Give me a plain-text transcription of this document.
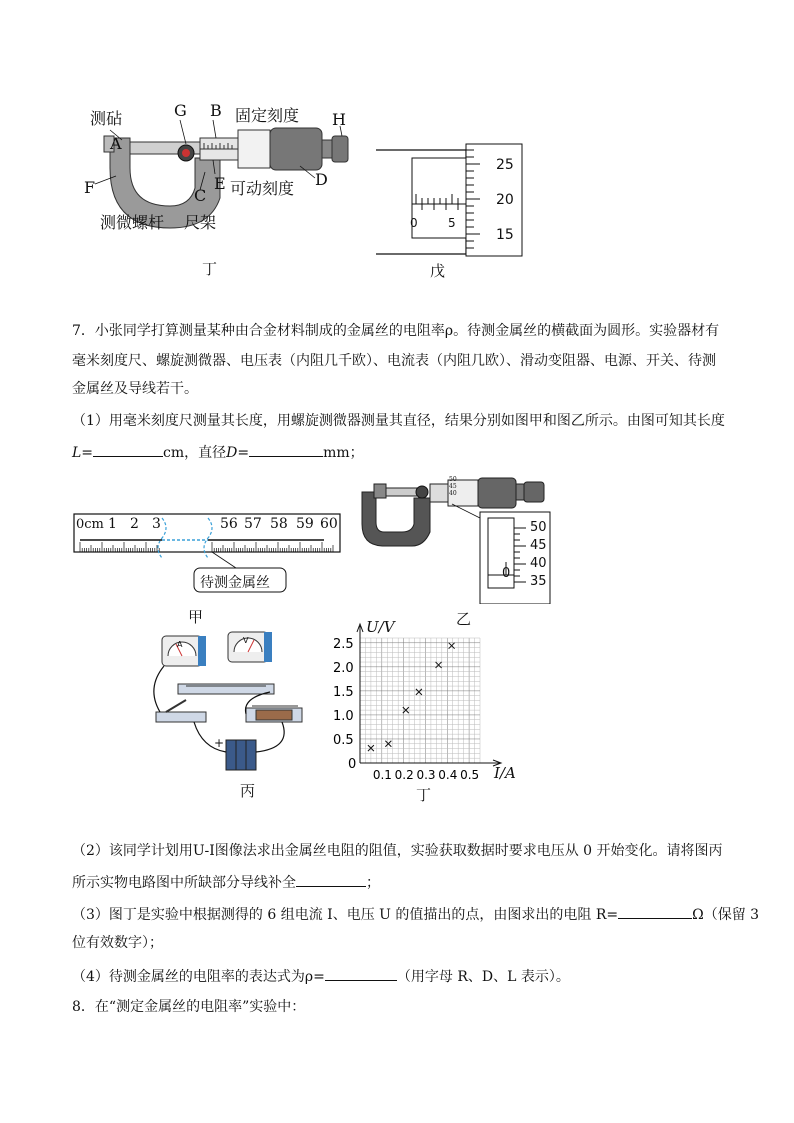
测砧
A
G B 固定刻度 H
F	C
E 可动刻度 D
测微螺杆 尺架
丁
25
20
15
0	5
戊
7．小张同学打算测量某种由合金材料制成的金属丝的电阻率ρ。待测金属丝的横截面为圆形。实验器材有
毫米刻度尺、螺旋测微器、电压表（内阻几千欧）、电流表（内阻几欧）、滑动变阻器、电源、开关、待测
金属丝及导线若干。
（1）用毫米刻度尺测量其长度，用螺旋测微器测量其直径，结果分别如图甲和图乙所示。由图可知其长度
L=	cm，直径D=	mm；
0cm 1 2 3	56 57 58 59 60
待测金属丝
甲
50
45
40
50
45
40
35
0
乙
A	V
+
丙
0
0.1 0.2 0.3 0.4 0.5
0.5
1.0
1.5
2.0
2.5
U/V
I/A
丁
（2）该同学计划用U-I图像法求出金属丝电阻的阻值，实验获取数据时要求电压从 0 开始变化。请将图丙
所示实物电路图中所缺部分导线补全	；
（3）图丁是实验中根据测得的 6 组电流 I、电压 U 的值描出的点，由图求出的电阻 R=	Ω（保留 3
位有效数字）；
（4）待测金属丝的电阻率的表达式为ρ=	（用字母 R、D、L 表示）。
8．在“测定金属丝的电阻率”实验中：
